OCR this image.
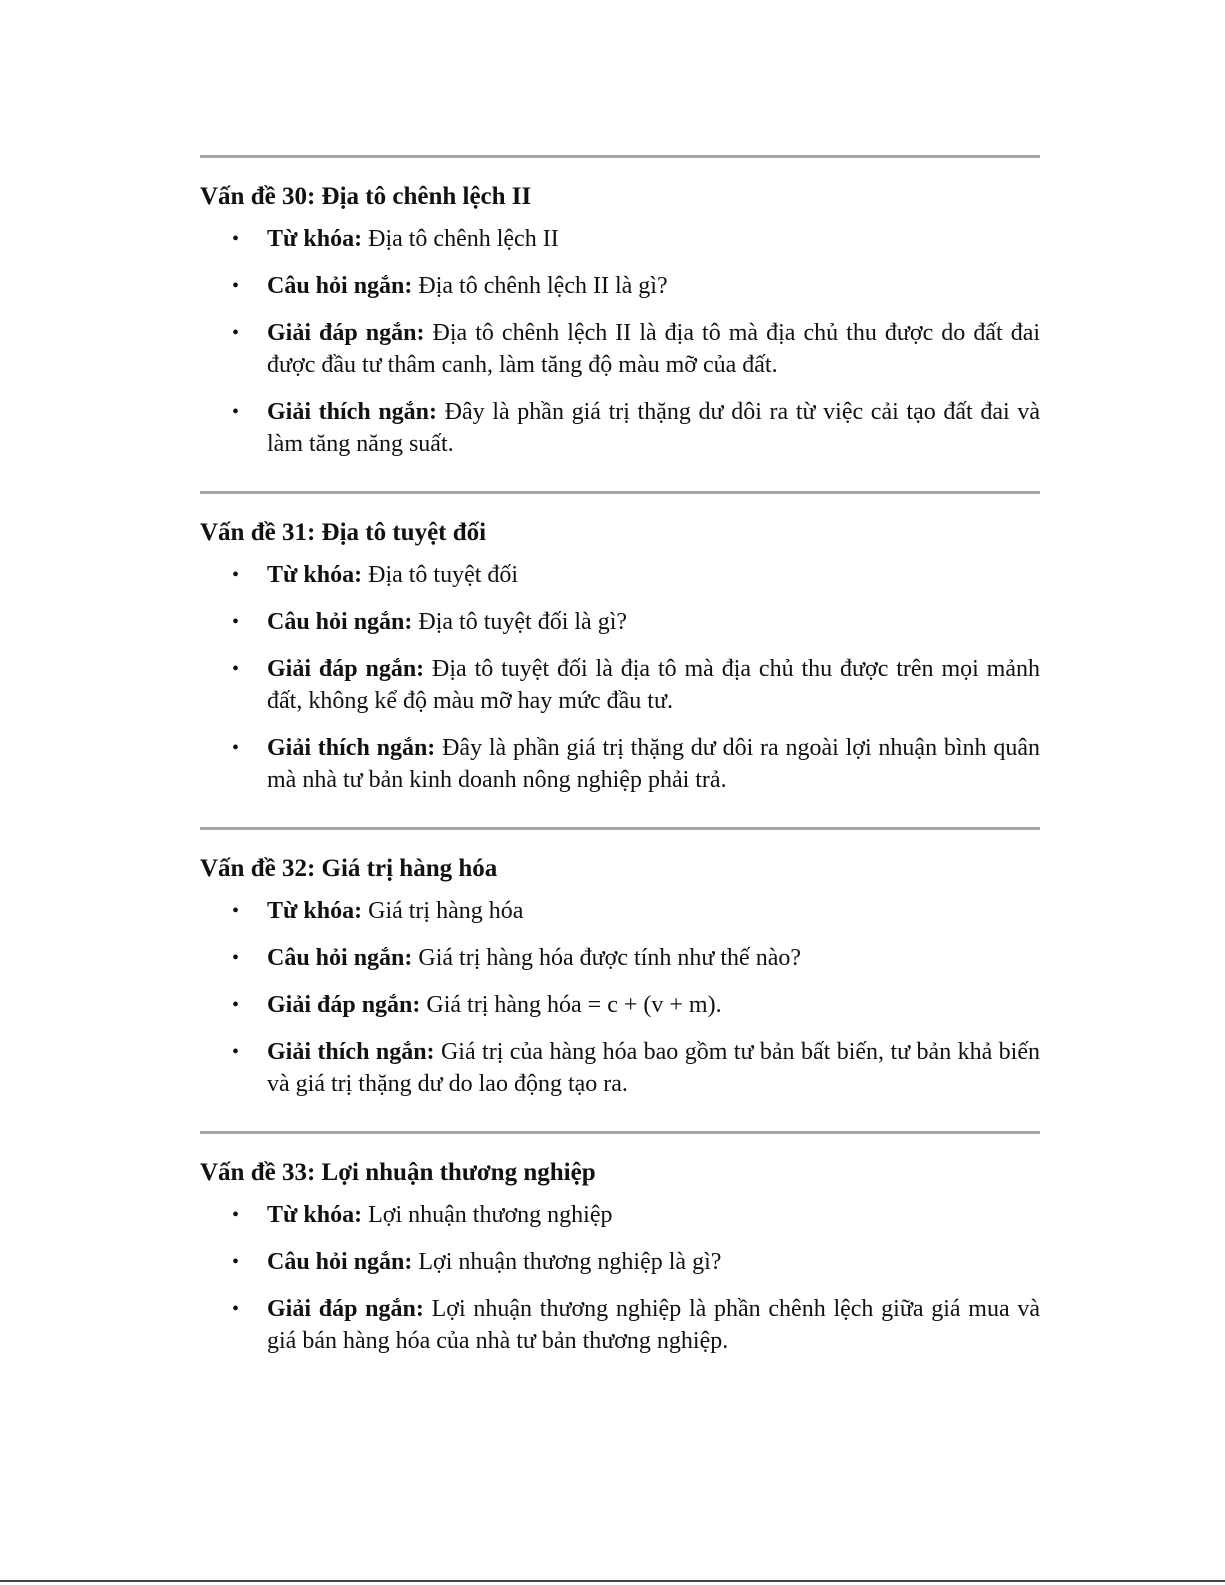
Vấn đề 30: Địa tô chênh lệch II
• Từ khóa: Địa tô chênh lệch II
• Câu hỏi ngắn: Địa tô chênh lệch II là gì?
• Giải đáp ngắn: Địa tô chênh lệch II là địa tô mà địa chủ thu được do đất đai được đầu tư thâm canh, làm tăng độ màu mỡ của đất.
• Giải thích ngắn: Đây là phần giá trị thặng dư dôi ra từ việc cải tạo đất đai và làm tăng năng suất.
Vấn đề 31: Địa tô tuyệt đối
• Từ khóa: Địa tô tuyệt đối
• Câu hỏi ngắn: Địa tô tuyệt đối là gì?
• Giải đáp ngắn: Địa tô tuyệt đối là địa tô mà địa chủ thu được trên mọi mảnh đất, không kể độ màu mỡ hay mức đầu tư.
• Giải thích ngắn: Đây là phần giá trị thặng dư dôi ra ngoài lợi nhuận bình quân mà nhà tư bản kinh doanh nông nghiệp phải trả.
Vấn đề 32: Giá trị hàng hóa
• Từ khóa: Giá trị hàng hóa
• Câu hỏi ngắn: Giá trị hàng hóa được tính như thế nào?
• Giải đáp ngắn: Giá trị hàng hóa = c + (v + m).
• Giải thích ngắn: Giá trị của hàng hóa bao gồm tư bản bất biến, tư bản khả biến và giá trị thặng dư do lao động tạo ra.
Vấn đề 33: Lợi nhuận thương nghiệp
• Từ khóa: Lợi nhuận thương nghiệp
• Câu hỏi ngắn: Lợi nhuận thương nghiệp là gì?
• Giải đáp ngắn: Lợi nhuận thương nghiệp là phần chênh lệch giữa giá mua và giá bán hàng hóa của nhà tư bản thương nghiệp.
